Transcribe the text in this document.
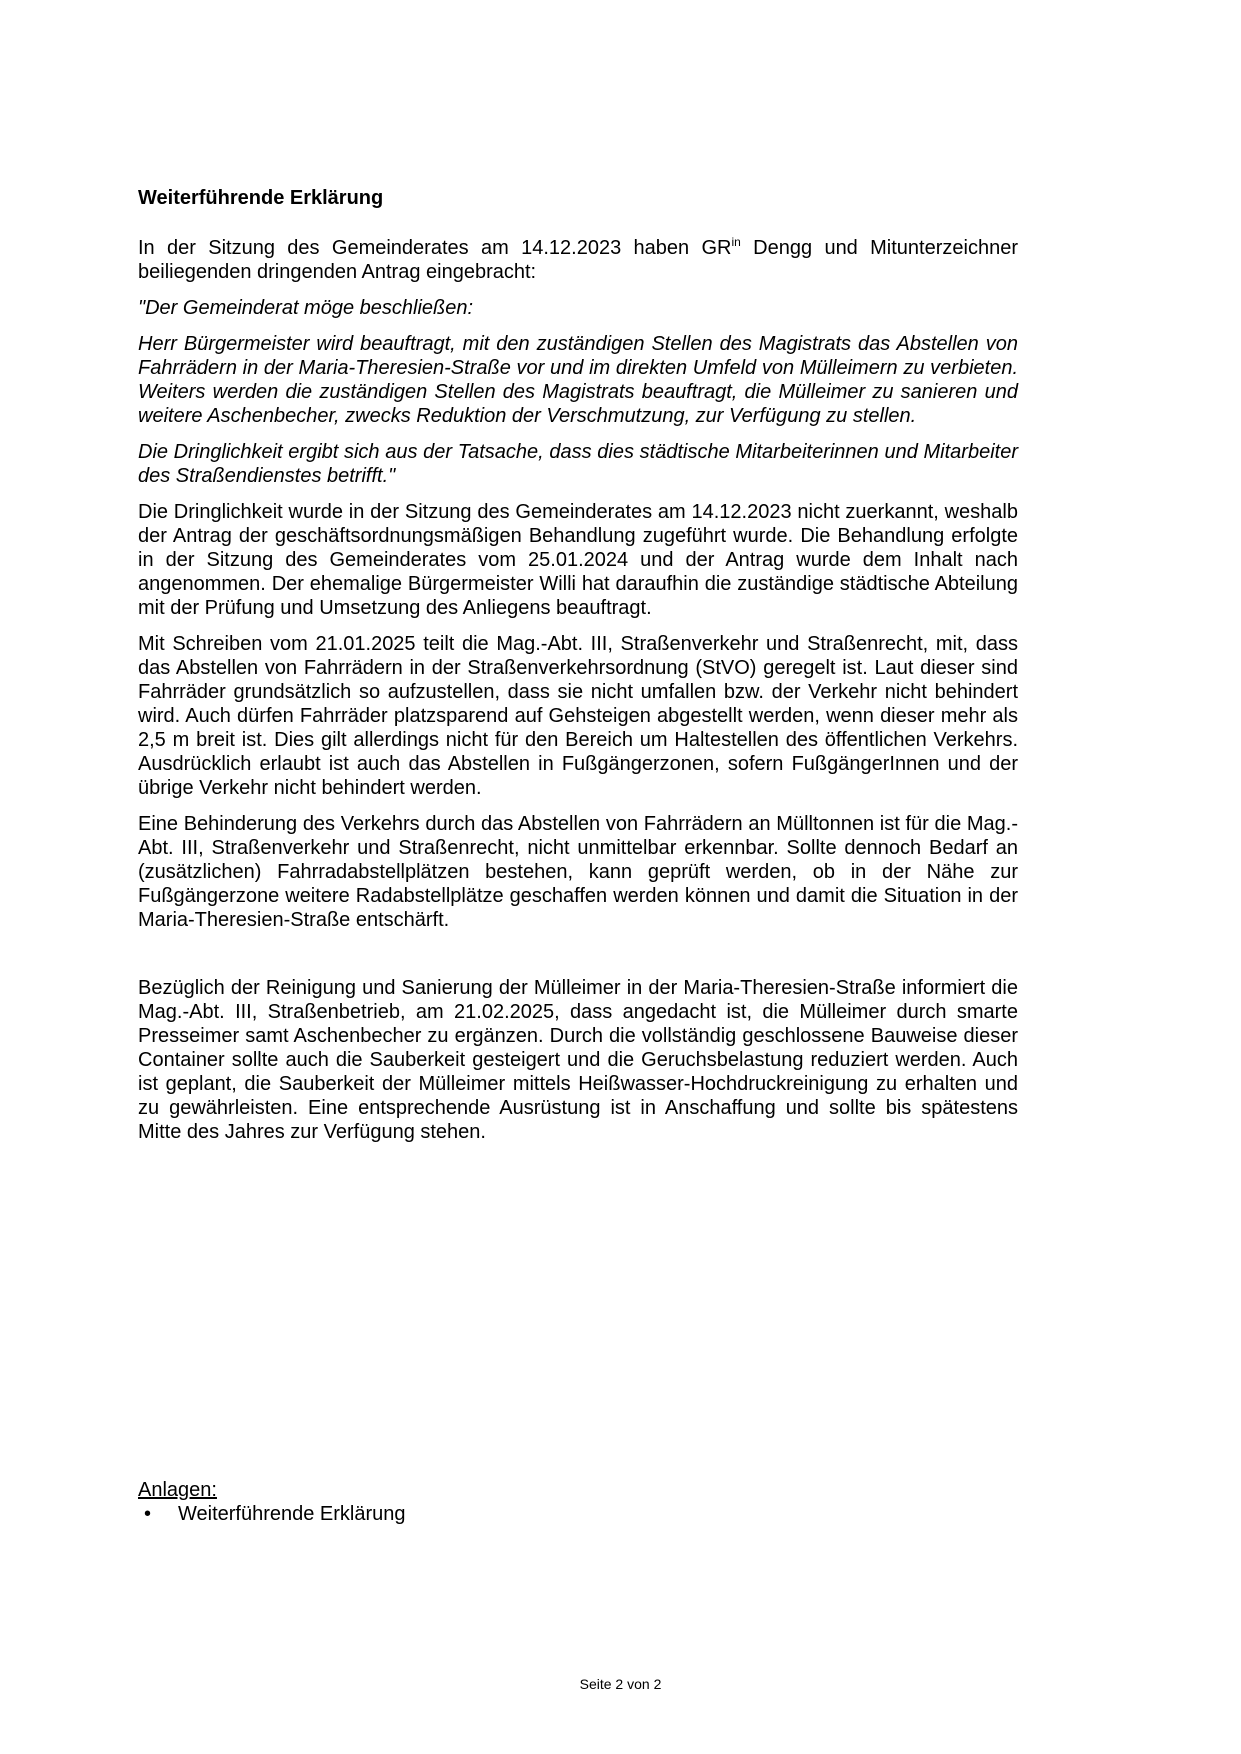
Weiterführende Erklärung

In der Sitzung des Gemeinderates am 14.12.2023 haben $GR^{in}$ Dengg und Mitunterzeichner beiliegenden dringenden Antrag eingebracht:

"Der Gemeinderat möge beschließen:

Herr Bürgermeister wird beauftragt, mit den zuständigen Stellen des Magistrats das Abstellen von Fahrrädern in der Maria-Theresien-Straße vor und im direkten Umfeld von Mülleimern zu verbieten. Weiters werden die zuständigen Stellen des Magistrats beauftragt, die Mülleimer zu sanieren und weitere Aschenbecher, zwecks Reduktion der Verschmutzung, zur Verfügung zu stellen.

Die Dringlichkeit ergibt sich aus der Tatsache, dass dies städtische Mitarbeiterinnen und Mitarbeiter des Straßendienstes betrifft."

Die Dringlichkeit wurde in der Sitzung des Gemeinderates am 14.12.2023 nicht zuerkannt, weshalb der Antrag der geschäftsordnungsmäßigen Behandlung zugeführt wurde. Die Behandlung erfolgte in der Sitzung des Gemeinderates vom 25.01.2024 und der Antrag wurde dem Inhalt nach angenommen. Der ehemalige Bürgermeister Willi hat daraufhin die zuständige städtische Abteilung mit der Prüfung und Umsetzung des Anliegens beauftragt.

Mit Schreiben vom 21.01.2025 teilt die Mag.-Abt. III, Straßenverkehr und Straßenrecht, mit, dass das Abstellen von Fahrrädern in der Straßenverkehrsordnung (StVO) geregelt ist. Laut dieser sind Fahrräder grundsätzlich so aufzustellen, dass sie nicht umfallen bzw. der Verkehr nicht behindert wird. Auch dürfen Fahrräder platzsparend auf Gehsteigen abgestellt werden, wenn dieser mehr als 2,5 m breit ist. Dies gilt allerdings nicht für den Bereich um Haltestellen des öffentlichen Verkehrs. Ausdrücklich erlaubt ist auch das Abstellen in Fußgängerzonen, sofern FußgängerInnen und der übrige Verkehr nicht behindert werden.

Eine Behinderung des Verkehrs durch das Abstellen von Fahrrädern an Mülltonnen ist für die Mag.-Abt. III, Straßenverkehr und Straßenrecht, nicht unmittelbar erkennbar. Sollte dennoch Bedarf an (zusätzlichen) Fahrradabstellplätzen bestehen, kann geprüft werden, ob in der Nähe zur Fußgängerzone weitere Radabstellplätze geschaffen werden können und damit die Situation in der Maria-Theresien-Straße entschärft.

Bezüglich der Reinigung und Sanierung der Mülleimer in der Maria-Theresien-Straße informiert die Mag.-Abt. III, Straßenbetrieb, am 21.02.2025, dass angedacht ist, die Mülleimer durch smarte Presseimer samt Aschenbecher zu ergänzen. Durch die vollständig geschlossene Bauweise dieser Container sollte auch die Sauberkeit gesteigert und die Geruchsbelastung reduziert werden. Auch ist geplant, die Sauberkeit der Mülleimer mittels Heißwasser-Hochdruckreinigung zu erhalten und zu gewährleisten. Eine entsprechende Ausrüstung ist in Anschaffung und sollte bis spätestens Mitte des Jahres zur Verfügung stehen.

Anlagen:

•	Weiterführende Erklärung
Seite 2 von 2
